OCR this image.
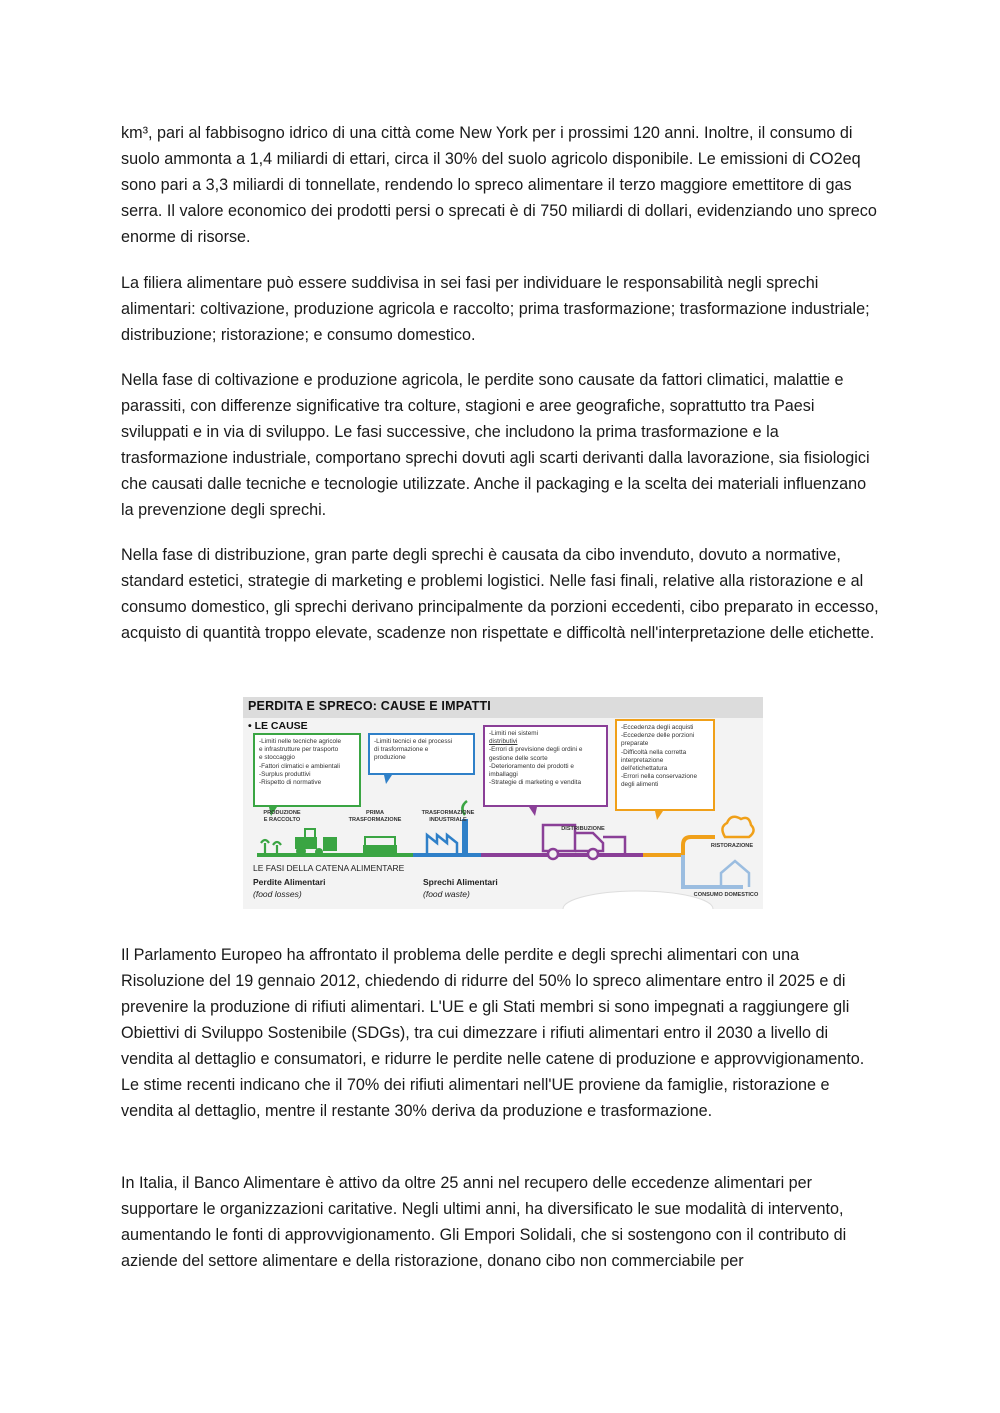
km³, pari al fabbisogno idrico di una città come New York per i prossimi 120 anni. Inoltre, il consumo di suolo ammonta a 1,4 miliardi di ettari, circa il 30% del suolo agricolo disponibile. Le emissioni di CO2eq sono pari a 3,3 miliardi di tonnellate, rendendo lo spreco alimentare il terzo maggiore emettitore di gas serra. Il valore economico dei prodotti persi o sprecati è di 750 miliardi di dollari, evidenziando uno spreco enorme di risorse.

La filiera alimentare può essere suddivisa in sei fasi per individuare le responsabilità negli sprechi alimentari: coltivazione, produzione agricola e raccolto; prima trasformazione; trasformazione industriale; distribuzione; ristorazione; e consumo domestico.

Nella fase di coltivazione e produzione agricola, le perdite sono causate da fattori climatici, malattie e parassiti, con differenze significative tra colture, stagioni e aree geografiche, soprattutto tra Paesi sviluppati e in via di sviluppo. Le fasi successive, che includono la prima trasformazione e la trasformazione industriale, comportano sprechi dovuti agli scarti derivanti dalla lavorazione, sia fisiologici che causati dalle tecniche e tecnologie utilizzate. Anche il packaging e la scelta dei materiali influenzano la prevenzione degli sprechi.

Nella fase di distribuzione, gran parte degli sprechi è causata da cibo invenduto, dovuto a normative, standard estetici, strategie di marketing e problemi logistici. Nelle fasi finali, relative alla ristorazione e al consumo domestico, gli sprechi derivano principalmente da porzioni eccedenti, cibo preparato in eccesso, acquisto di quantità troppo elevate, scadenze non rispettate e difficoltà nell'interpretazione delle etichette.

PERDITA E SPRECO: CAUSE E IMPATTI
• LE CAUSE
-Limiti nelle tecniche agricole
e infrastrutture per trasporto
e stoccaggio
-Fattori climatici e ambientali
-Surplus produttivi
-Rispetto di normative
-Limiti tecnici e dei processi
di trasformazione e
produzione
-Limiti nei sistemi
distributivi
-Errori di previsione degli ordini e
gestione delle scorte
-Deterioramento dei prodotti e
imballaggi
-Strategie di marketing e vendita
-Eccedenza degli acquisti
-Eccedenze delle porzioni
preparate
-Difficoltà nella corretta
interpretazione
dell'etichettatura
-Errori nella conservazione
degli alimenti
PRODUZIONE
E RACCOLTO
PRIMA
TRASFORMAZIONE
TRASFORMAZIONE
INDUSTRIALE
DISTRIBUZIONE
RISTORAZIONE
CONSUMO DOMESTICO
LE FASI DELLA CATENA ALIMENTARE
Perdite Alimentari
(food losses)
Sprechi Alimentari
(food waste)

Il Parlamento Europeo ha affrontato il problema delle perdite e degli sprechi alimentari con una Risoluzione del 19 gennaio 2012, chiedendo di ridurre del 50% lo spreco alimentare entro il 2025 e di prevenire la produzione di rifiuti alimentari. L'UE e gli Stati membri si sono impegnati a raggiungere gli Obiettivi di Sviluppo Sostenibile (SDGs), tra cui dimezzare i rifiuti alimentari entro il 2030 a livello di vendita al dettaglio e consumatori, e ridurre le perdite nelle catene di produzione e approvvigionamento. Le stime recenti indicano che il 70% dei rifiuti alimentari nell'UE proviene da famiglie, ristorazione e vendita al dettaglio, mentre il restante 30% deriva da produzione e trasformazione.

In Italia, il Banco Alimentare è attivo da oltre 25 anni nel recupero delle eccedenze alimentari per supportare le organizzazioni caritative. Negli ultimi anni, ha diversificato le sue modalità di intervento, aumentando le fonti di approvvigionamento. Gli Empori Solidali, che si sostengono con il contributo di aziende del settore alimentare e della ristorazione, donano cibo non commerciabile per
